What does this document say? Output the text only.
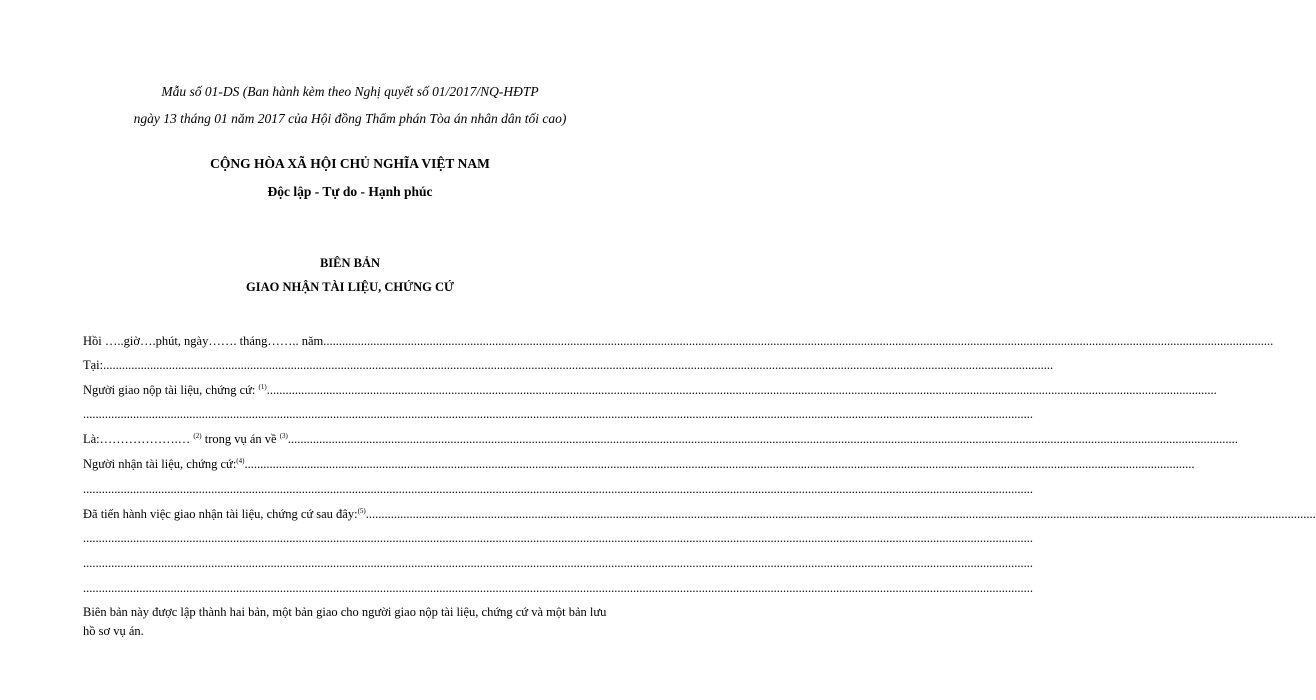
Mẫu số 01-DS (Ban hành kèm theo Nghị quyết số 01/2017/NQ-HĐTP
ngày 13 tháng 01 năm 2017 của Hội đồng Thẩm phán Tòa án nhân dân tối cao)
CỘNG HÒA XÃ HỘI CHỦ NGHĨA VIỆT NAM
Độc lập - Tự do - Hạnh phúc
BIÊN BẢN
GIAO NHẬN TÀI LIỆU, CHỨNG CỨ
Hồi …..giờ….phút, ngày……. tháng…….. năm................................................................................................................................................................................................................................................................................................................
Tại:................................................................................................................................................................................................................................................................................................................
Người giao nộp tài liệu, chứng cứ: $^{(1)}$................................................................................................................................................................................................................................................................................................................
................................................................................................................................................................................................................................................................................................................
Là:……………….… $^{(2)}$ trong vụ án về $^{(3)}$................................................................................................................................................................................................................................................................................................................
Người nhận tài liệu, chứng cứ:$^{(4)}$................................................................................................................................................................................................................................................................................................................
................................................................................................................................................................................................................................................................................................................
Đã tiến hành việc giao nhận tài liệu, chứng cứ sau đây:$^{(5)}$................................................................................................................................................................................................................................................................................................................
................................................................................................................................................................................................................................................................................................................
................................................................................................................................................................................................................................................................................................................
................................................................................................................................................................................................................................................................................................................
Biên bản này được lập thành hai bản, một bản giao cho người giao nộp tài liệu, chứng cứ và một bản lưu hồ sơ vụ án.
